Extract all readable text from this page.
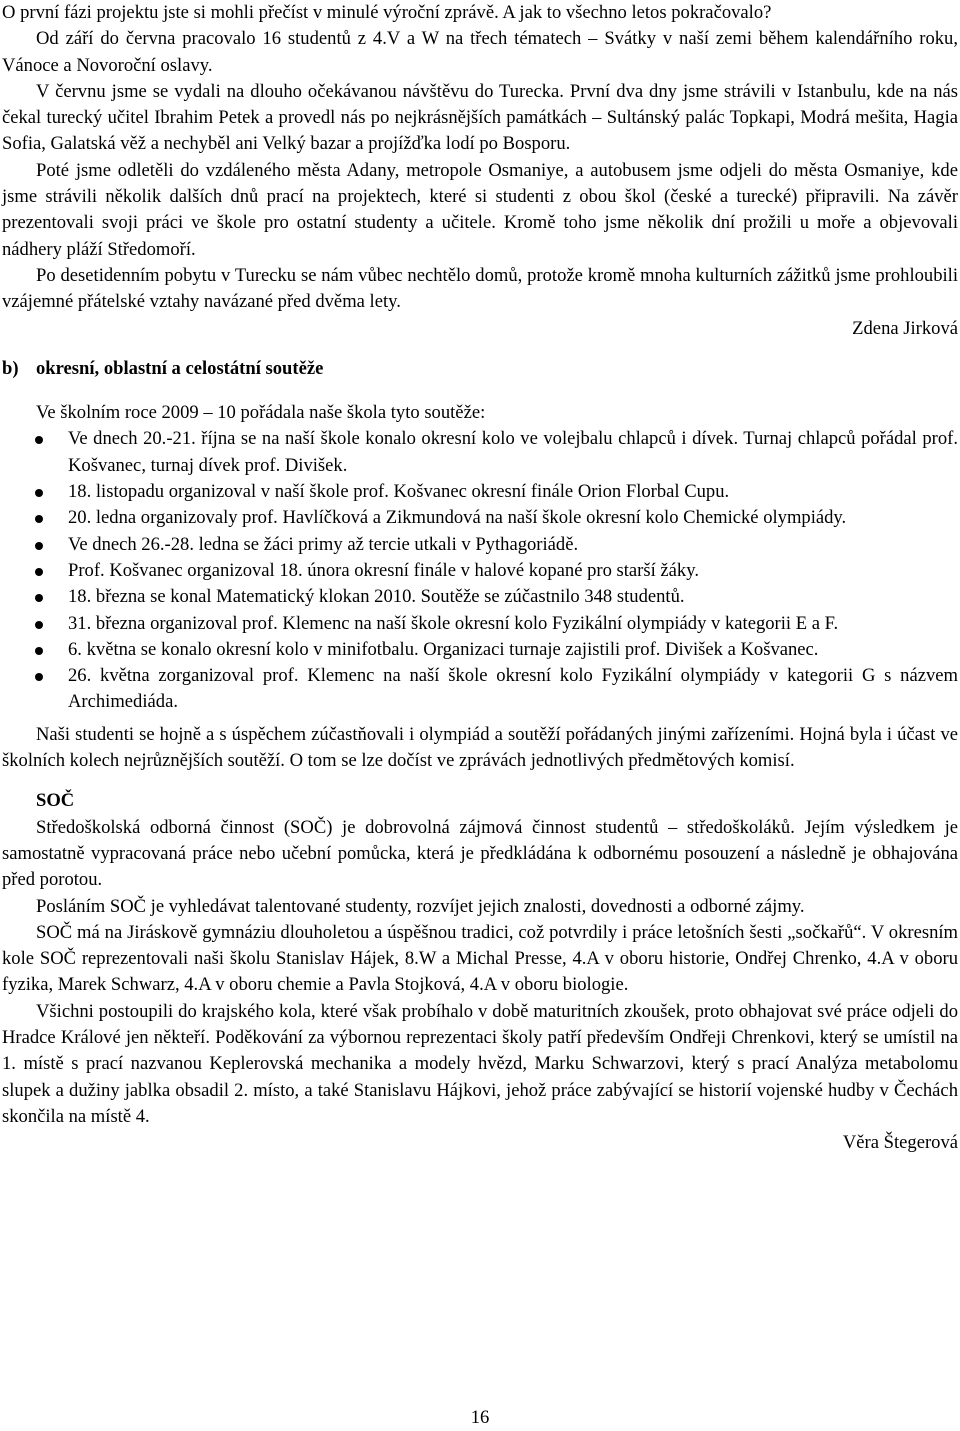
O první fázi projektu jste si mohli přečíst v minulé výroční zprávě. A jak to všechno letos pokračovalo?

Od září do června pracovalo 16 studentů z 4.V a W na třech tématech – Svátky v naší zemi během kalendářního roku, Vánoce a Novoroční oslavy.

V červnu jsme se vydali na dlouho očekávanou návštěvu do Turecka. První dva dny jsme strávili v Istanbulu, kde na nás čekal turecký učitel Ibrahim Petek a provedl nás po nejkrásnějších památkách – Sultánský palác Topkapi, Modrá mešita, Hagia Sofia, Galatská věž a nechyběl ani Velký bazar a projížďka lodí po Bosporu.

Poté jsme odletěli do vzdáleného města Adany, metropole Osmaniye, a autobusem jsme odjeli do města Osmaniye, kde jsme strávili několik dalších dnů prací na projektech, které si studenti z obou škol (české a turecké) připravili. Na závěr prezentovali svoji práci ve škole pro ostatní studenty a učitele. Kromě toho jsme několik dní prožili u moře a objevovali nádhery pláží Středomoří.

Po desetidenním pobytu v Turecku se nám vůbec nechtělo domů, protože kromě mnoha kulturních zážitků jsme prohloubili vzájemné přátelské vztahy navázané před dvěma lety.

Zdena Jirková

b) okresní, oblastní a celostátní soutěže

Ve školním roce 2009 – 10 pořádala naše škola tyto soutěže:

Ve dnech 20.-21. října se na naší škole konalo okresní kolo ve volejbalu chlapců i dívek. Turnaj chlapců pořádal prof. Košvanec, turnaj dívek prof. Divišek.
18. listopadu organizoval v naší škole prof. Košvanec okresní finále Orion Florbal Cupu.
20. ledna organizovaly prof. Havlíčková a Zikmundová na naší škole okresní kolo Chemické olympiády.
Ve dnech 26.-28. ledna se žáci primy až tercie utkali v Pythagoriádě.
Prof. Košvanec organizoval 18. února okresní finále v halové kopané pro starší žáky.
18. března se konal Matematický klokan 2010. Soutěže se zúčastnilo 348 studentů.
31. března organizoval prof. Klemenc na naší škole okresní kolo Fyzikální olympiády v kategorii E a F.
6. května se konalo okresní kolo v minifotbalu. Organizaci turnaje zajistili prof. Divišek a Košvanec.
26. května zorganizoval prof. Klemenc na naší škole okresní kolo Fyzikální olympiády v kategorii G s názvem Archimediáda.

Naši studenti se hojně a s úspěchem zúčastňovali i olympiád a soutěží pořádaných jinými zařízeními. Hojná byla i účast ve školních kolech nejrůznějších soutěží. O tom se lze dočíst ve zprávách jednotlivých předmětových komisí.

SOČ

Středoškolská odborná činnost (SOČ) je dobrovolná zájmová činnost studentů – středoškoláků. Jejím výsledkem je samostatně vypracovaná práce nebo učební pomůcka, která je předkládána k odbornému posouzení a následně je obhajována před porotou.

Posláním SOČ je vyhledávat talentované studenty, rozvíjet jejich znalosti, dovednosti a odborné zájmy.

SOČ má na Jiráskově gymnáziu dlouholetou a úspěšnou tradici, což potvrdily i práce letošních šesti „sočkařů“. V okresním kole SOČ reprezentovali naši školu Stanislav Hájek, 8.W a Michal Presse, 4.A v oboru historie, Ondřej Chrenko, 4.A v oboru fyzika, Marek Schwarz, 4.A v oboru chemie a Pavla Stojková, 4.A v oboru biologie.

Všichni postoupili do krajského kola, které však probíhalo v době maturitních zkoušek, proto obhajovat své práce odjeli do Hradce Králové jen někteří. Poděkování za výbornou reprezentaci školy patří především Ondřeji Chrenkovi, který se umístil na 1. místě s prací nazvanou Keplerovská mechanika a modely hvězd, Marku Schwarzovi, který s prací Analýza metabolomu slupek a dužiny jablka obsadil 2. místo, a také Stanislavu Hájkovi, jehož práce zabývající se historií vojenské hudby v Čechách skončila na místě 4.

Věra Štegerová

16
